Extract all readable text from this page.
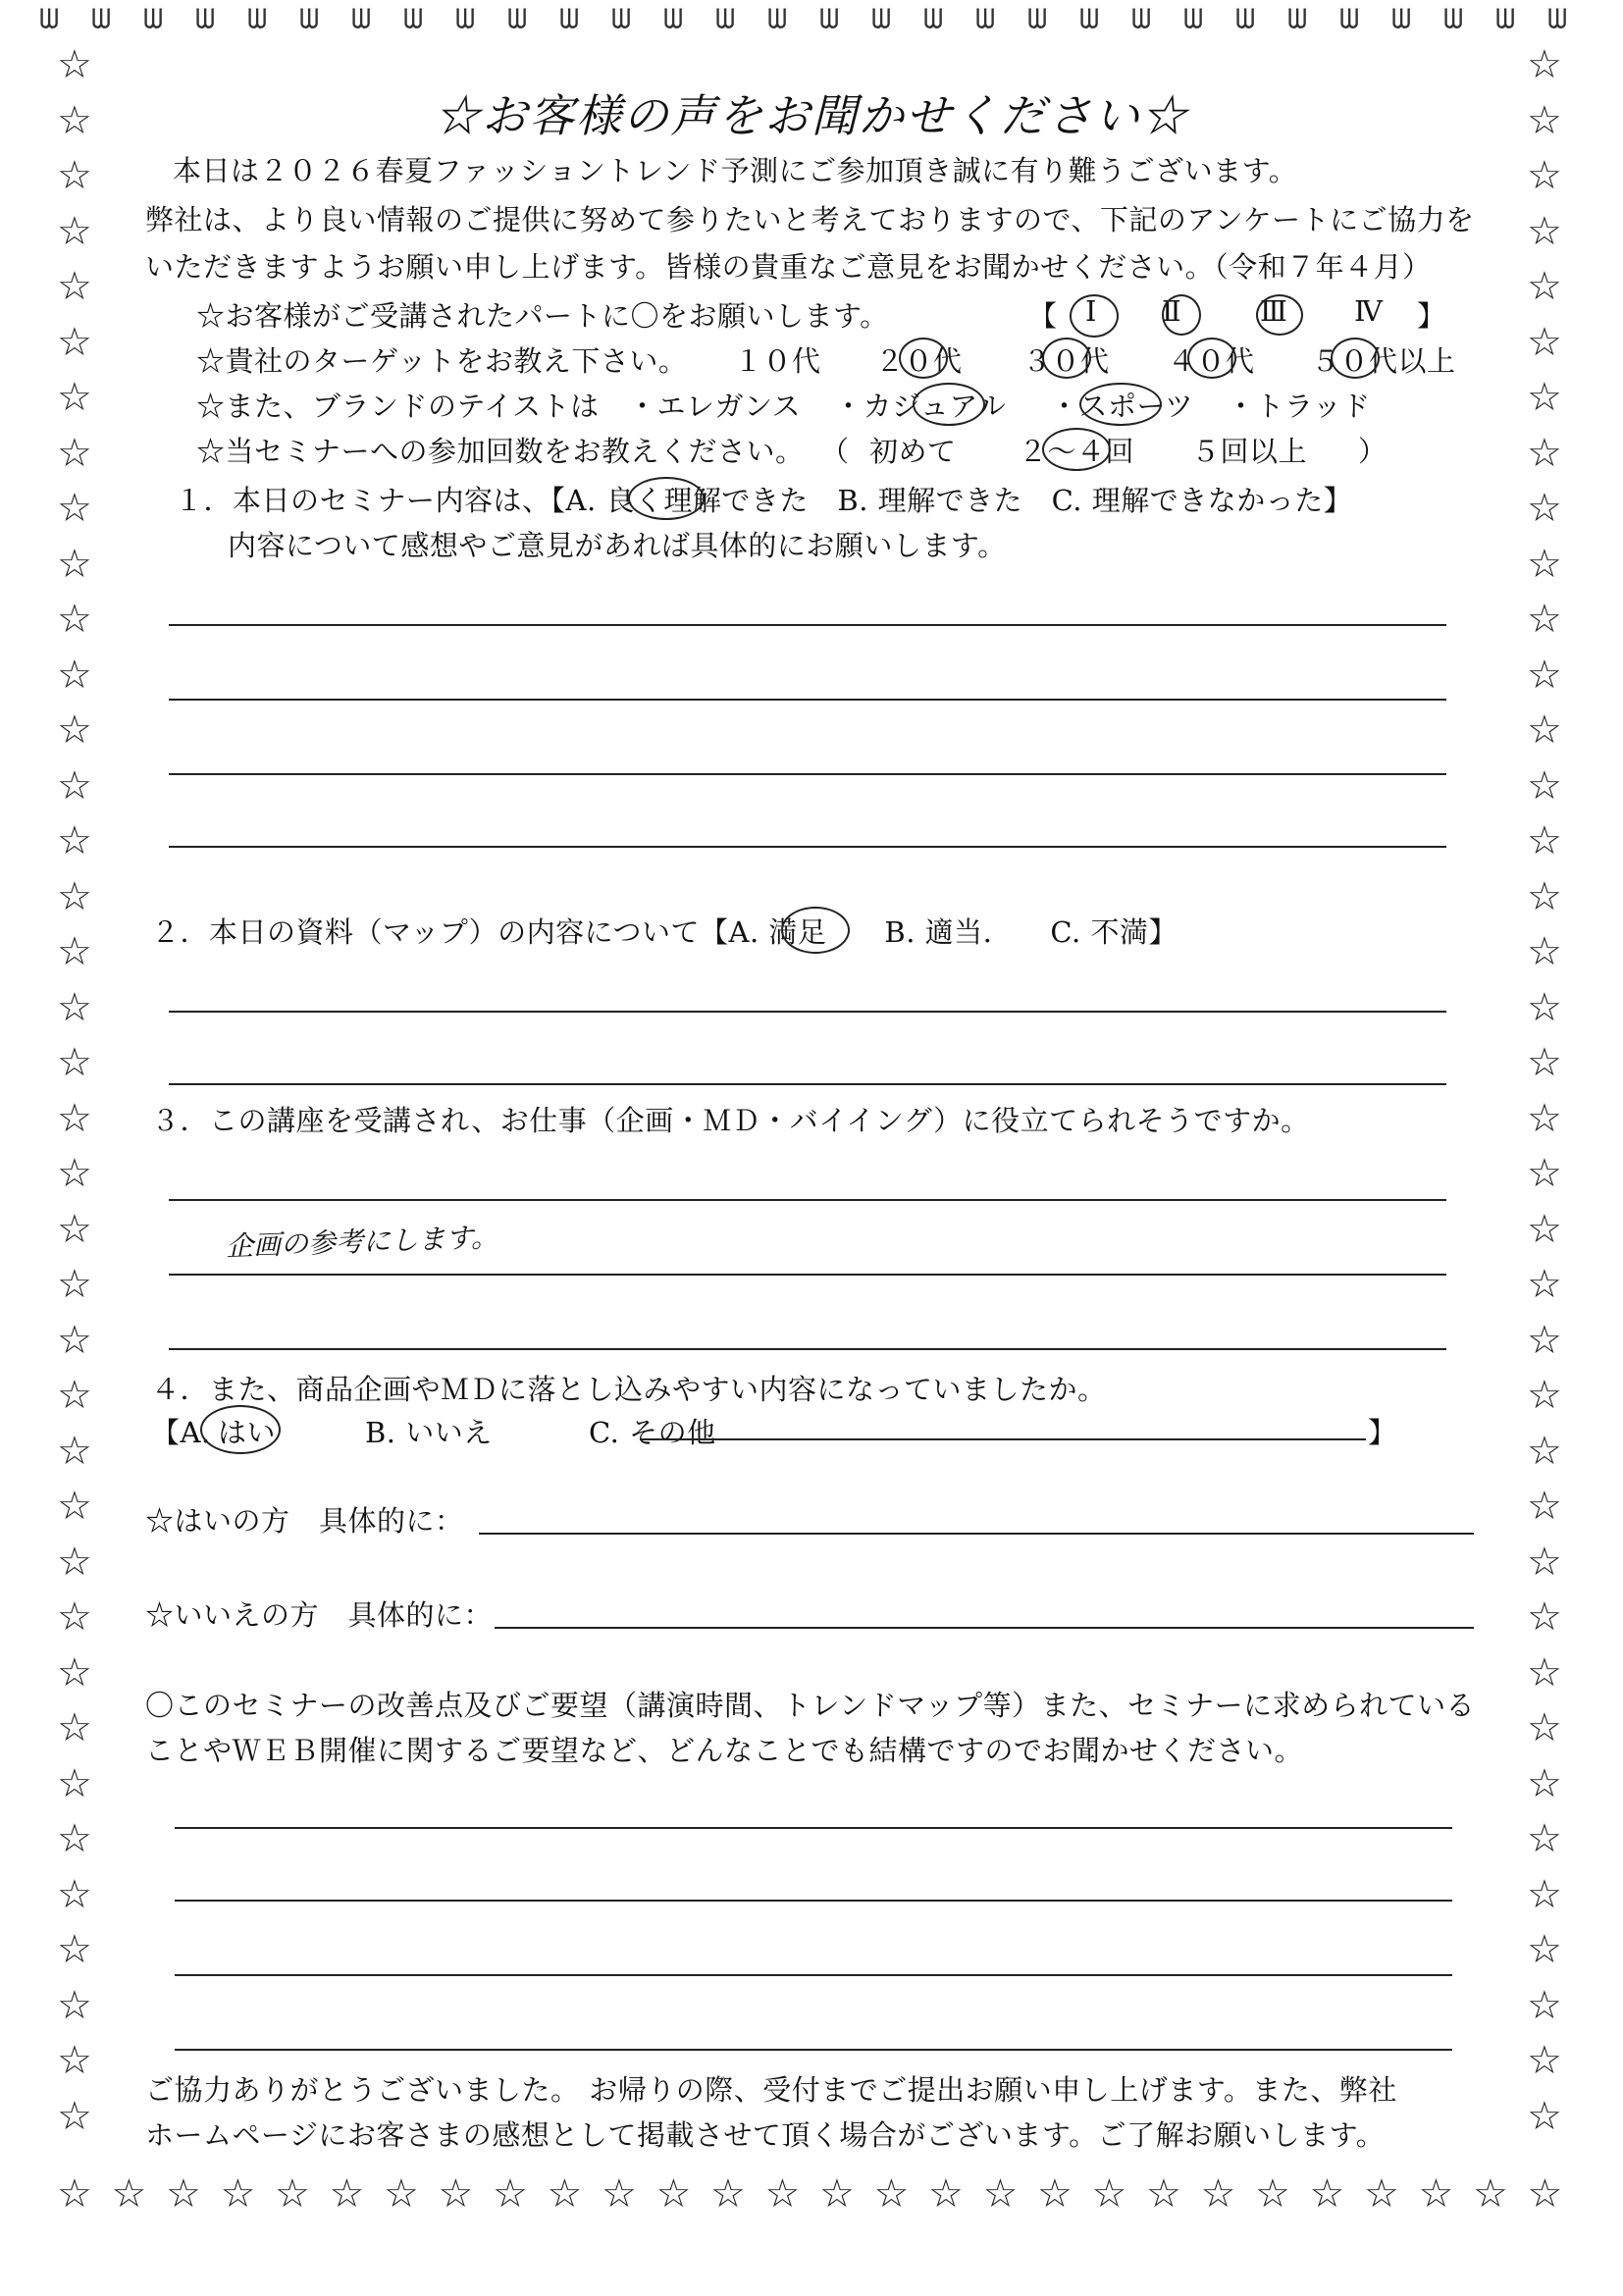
ᗯ ᗯ ᗯ ᗯ ᗯ ᗯ ᗯ ᗯ ᗯ ᗯ ᗯ ᗯ ᗯ ᗯ ᗯ ᗯ ᗯ ᗯ ᗯ ᗯ ᗯ ᗯ ᗯ ᗯ ᗯ ᗯ ᗯ ᗯ ᗯ ᗯ
☆
☆
☆
☆
☆
☆
☆
☆
☆
☆
☆
☆
☆
☆
☆
☆
☆
☆
☆
☆
☆
☆
☆
☆
☆
☆
☆
☆
☆
☆
☆
☆
☆
☆
☆
☆
☆
☆
☆
☆
☆
☆
☆
☆
☆
☆
☆
☆
☆
☆
☆
☆
☆
☆
☆
☆
☆
☆
☆
☆
☆
☆
☆
☆
☆
☆
☆
☆
☆
☆
☆
☆
☆
☆
☆
☆
☆ ☆ ☆ ☆ ☆ ☆ ☆ ☆ ☆ ☆ ☆ ☆ ☆ ☆ ☆ ☆ ☆ ☆ ☆ ☆ ☆ ☆ ☆ ☆ ☆ ☆ ☆ ☆
☆お客様の声をお聞かせください☆
本日は２０２６春夏ファッショントレンド予測にご参加頂き誠に有り難うございます。
弊社は、より良い情報のご提供に努めて参りたいと考えておりますので、下記のアンケートにご協力を
いただきますようお願い申し上げます。皆様の貴重なご意見をお聞かせください。（令和７年４月）
☆お客様がご受講されたパートに〇をお願いします。	【 Ⅰ Ⅱ	Ⅲ Ⅳ 】
☆貴社のターゲットをお教え下さい。 １０代 ２０代 ３０代 ４０代 ５０代以上
☆また、ブランドのテイストは ・エレガンス ・カジュアル ・スポーツ ・トラッド
☆当セミナーへの参加回数をお教えください。 （ 初めて ２～４回 ５回以上 ）
１．本日のセミナー内容は、【A. 良く理解できた　B. 理解できた　C. 理解できなかった】
内容について感想やご意見があれば具体的にお願いします。
２．本日の資料（マップ）の内容について【A. 満足　　B. 適当.　　C. 不満】
３．この講座を受講され、お仕事（企画・ＭＤ・バイイング）に役立てられそうですか。
企画の参考にします。
４．また、商品企画やＭＤに落とし込みやすい内容になっていましたか。
【A. はい	B. いいえ	C. その他	】
☆はいの方　具体的に：
☆いいえの方　具体的に：
〇このセミナーの改善点及びご要望（講演時間、トレンドマップ等）また、セミナーに求められている
ことやＷＥＢ開催に関するご要望など、どんなことでも結構ですのでお聞かせください。
ご協力ありがとうございました。 お帰りの際、受付までご提出お願い申し上げます。また、弊社
ホームページにお客さまの感想として掲載させて頂く場合がございます。ご了解お願いします。
